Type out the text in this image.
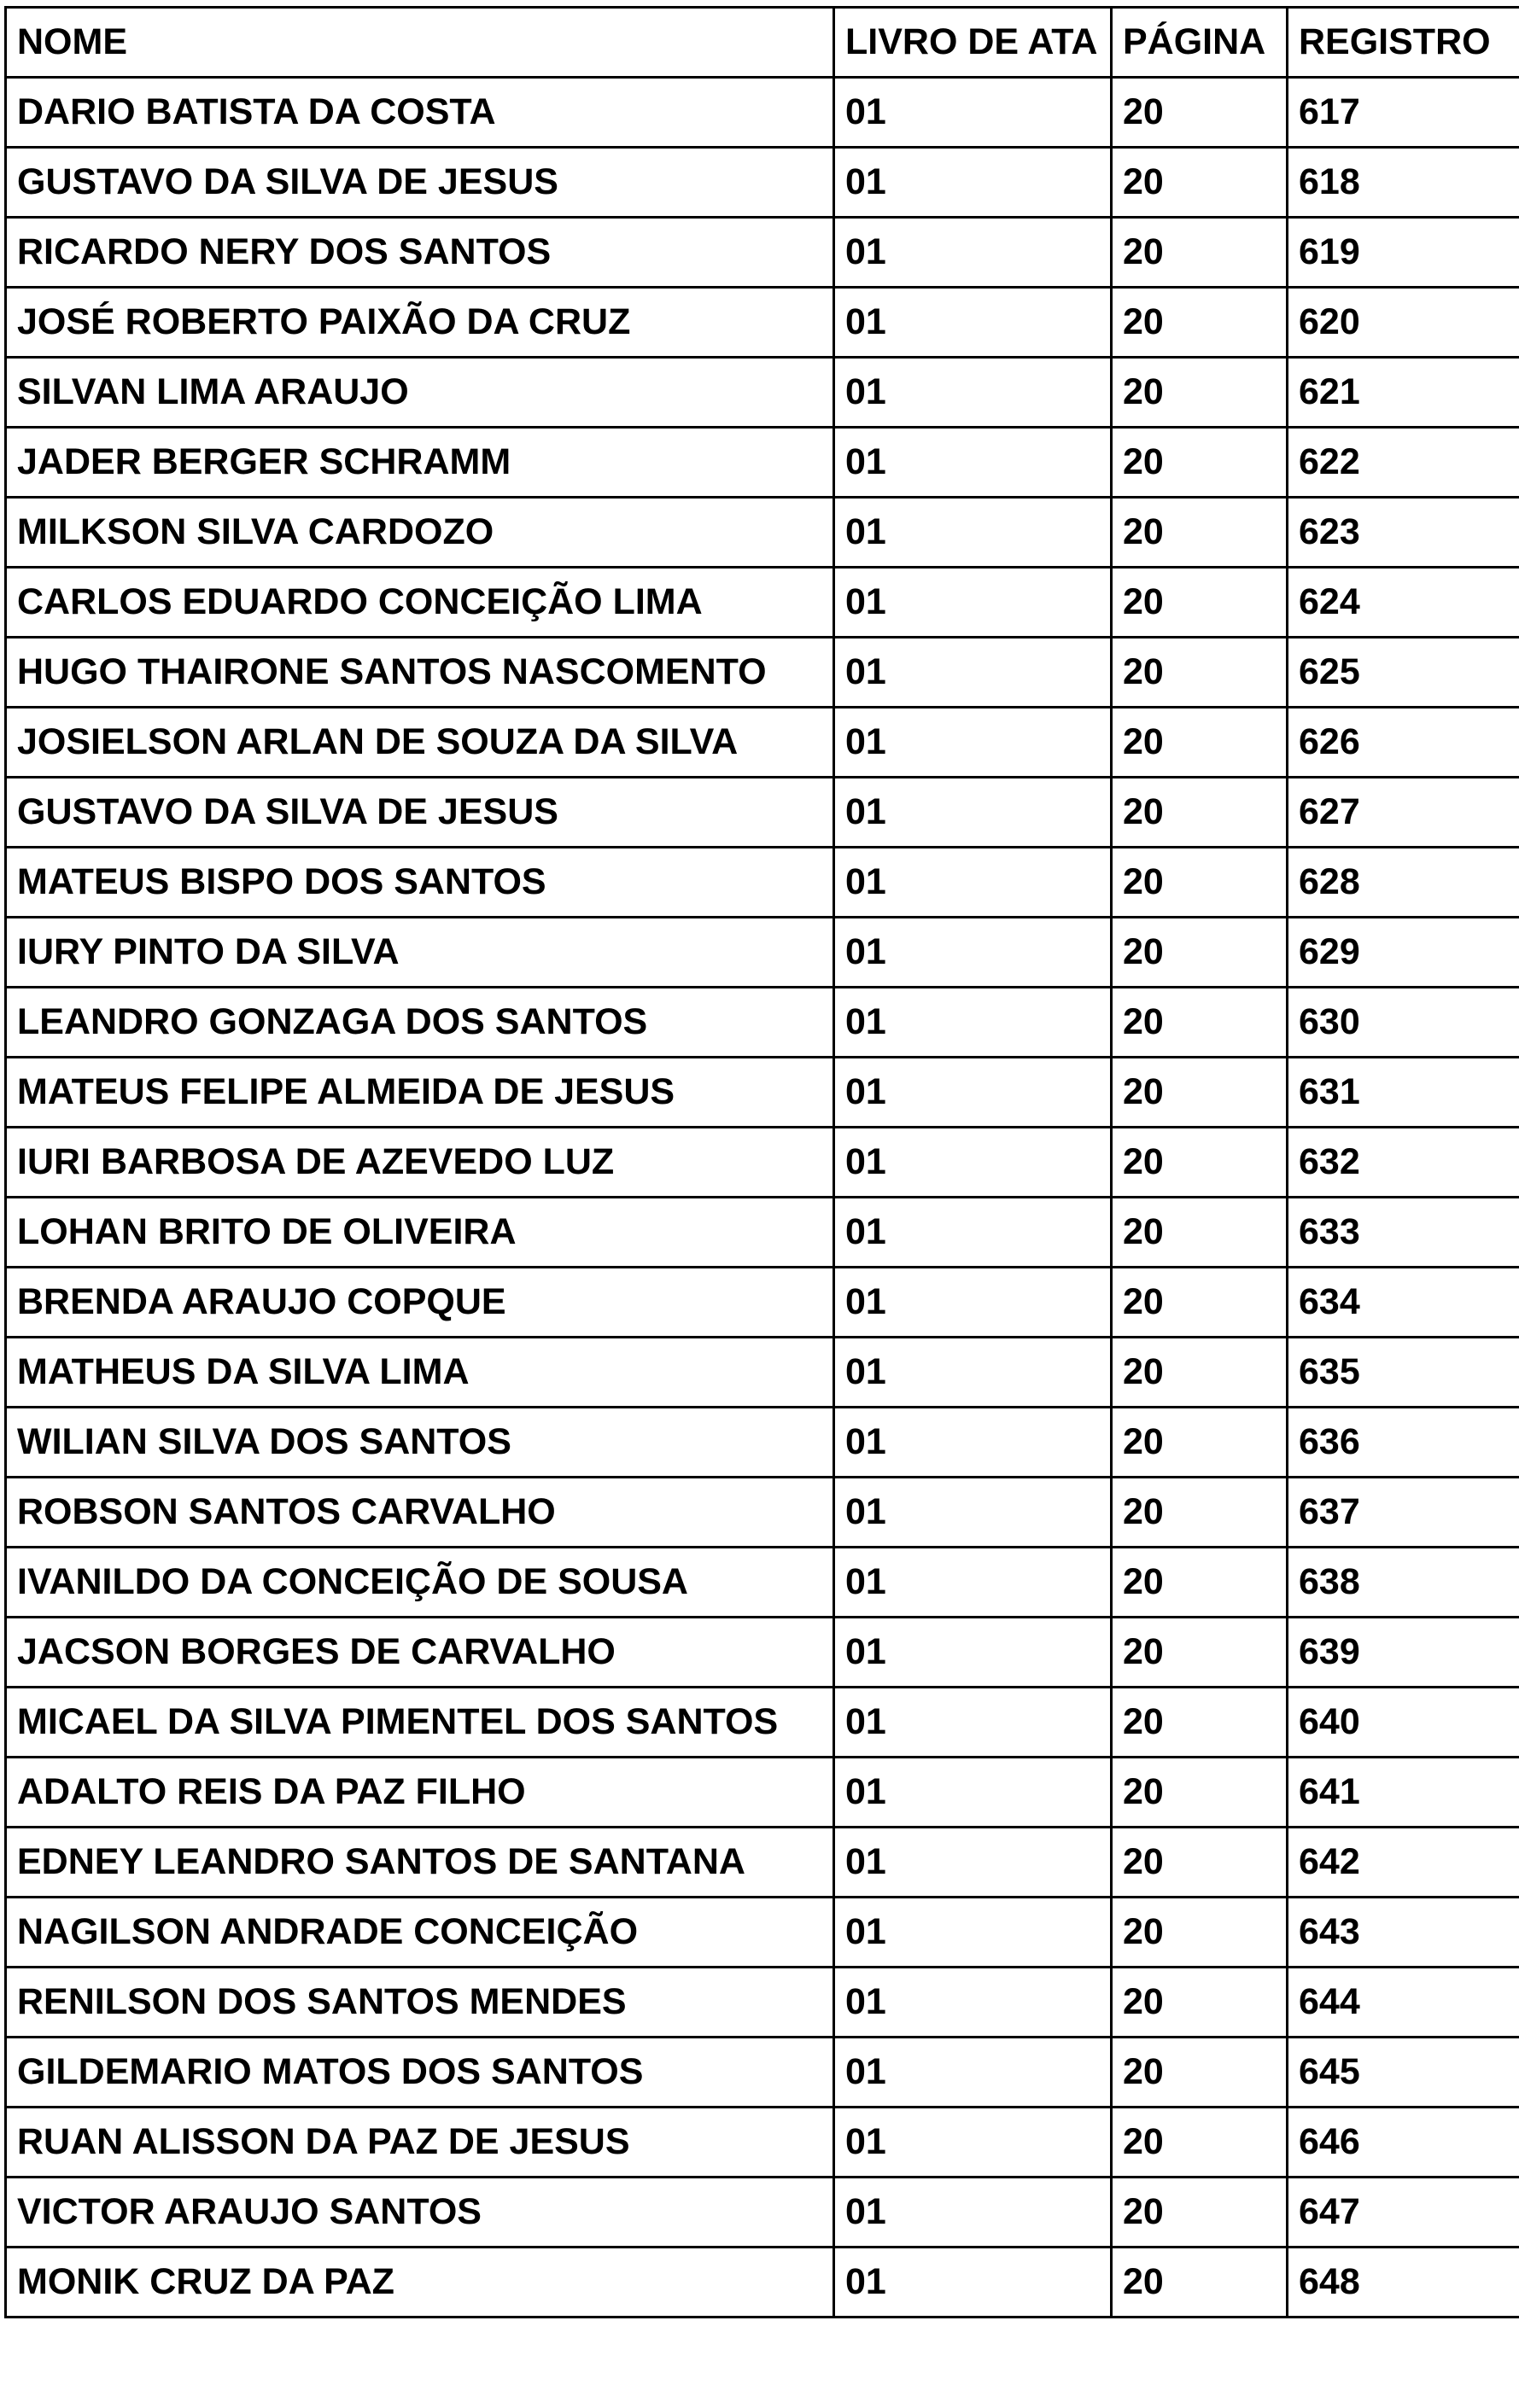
NOME	LIVRO DE ATA	PÁGINA	REGISTRO
DARIO BATISTA DA COSTA	01	20	617
GUSTAVO DA SILVA DE JESUS	01	20	618
RICARDO NERY DOS SANTOS	01	20	619
JOSÉ ROBERTO PAIXÃO DA CRUZ	01	20	620
SILVAN LIMA ARAUJO	01	20	621
JADER BERGER SCHRAMM	01	20	622
MILKSON SILVA CARDOZO	01	20	623
CARLOS EDUARDO CONCEIÇÃO LIMA	01	20	624
HUGO THAIRONE SANTOS NASCOMENTO	01	20	625
JOSIELSON ARLAN DE SOUZA DA SILVA	01	20	626
GUSTAVO DA SILVA DE JESUS	01	20	627
MATEUS BISPO DOS SANTOS	01	20	628
IURY PINTO DA SILVA	01	20	629
LEANDRO GONZAGA DOS SANTOS	01	20	630
MATEUS FELIPE ALMEIDA DE JESUS	01	20	631
IURI BARBOSA DE AZEVEDO LUZ	01	20	632
LOHAN BRITO DE OLIVEIRA	01	20	633
BRENDA ARAUJO COPQUE	01	20	634
MATHEUS DA SILVA LIMA	01	20	635
WILIAN SILVA DOS SANTOS	01	20	636
ROBSON SANTOS CARVALHO	01	20	637
IVANILDO DA CONCEIÇÃO DE SOUSA	01	20	638
JACSON BORGES DE CARVALHO	01	20	639
MICAEL DA SILVA PIMENTEL DOS SANTOS	01	20	640
ADALTO REIS DA PAZ FILHO	01	20	641
EDNEY LEANDRO SANTOS DE SANTANA	01	20	642
NAGILSON ANDRADE CONCEIÇÃO	01	20	643
RENILSON DOS SANTOS MENDES	01	20	644
GILDEMARIO MATOS DOS SANTOS	01	20	645
RUAN ALISSON DA PAZ DE JESUS	01	20	646
VICTOR ARAUJO SANTOS	01	20	647
MONIK CRUZ DA PAZ	01	20	648
